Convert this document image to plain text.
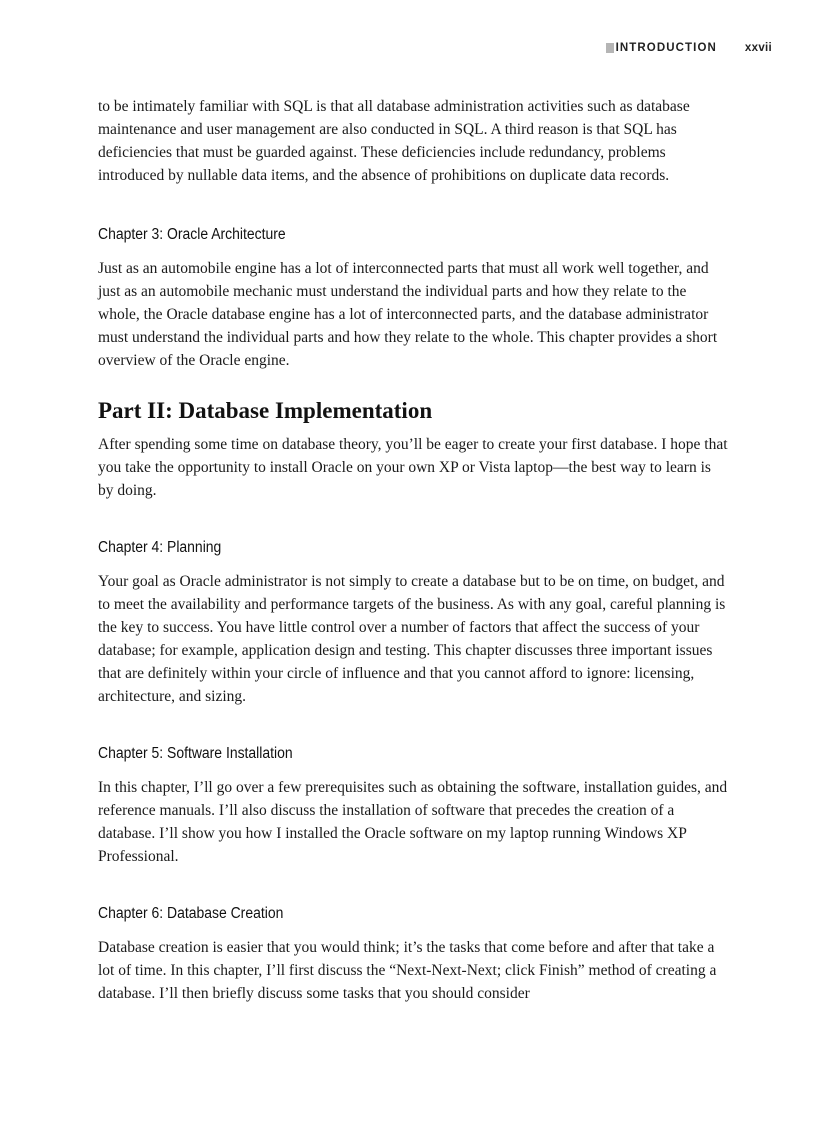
INTRODUCTION xxvii

to be intimately familiar with SQL is that all database administration activities such as database maintenance and user management are also conducted in SQL. A third reason is that SQL has deficiencies that must be guarded against. These deficiencies include redundancy, problems introduced by nullable data items, and the absence of prohibitions on duplicate data records.

Chapter 3: Oracle Architecture

Just as an automobile engine has a lot of interconnected parts that must all work well together, and just as an automobile mechanic must understand the individual parts and how they relate to the whole, the Oracle database engine has a lot of interconnected parts, and the database administrator must understand the individual parts and how they relate to the whole. This chapter provides a short overview of the Oracle engine.

Part II: Database Implementation

After spending some time on database theory, you’ll be eager to create your first database. I hope that you take the opportunity to install Oracle on your own XP or Vista laptop—the best way to learn is by doing.

Chapter 4: Planning

Your goal as Oracle administrator is not simply to create a database but to be on time, on budget, and to meet the availability and performance targets of the business. As with any goal, careful planning is the key to success. You have little control over a number of factors that affect the success of your database; for example, application design and testing. This chapter discusses three important issues that are definitely within your circle of influence and that you cannot afford to ignore: licensing, architecture, and sizing.

Chapter 5: Software Installation

In this chapter, I’ll go over a few prerequisites such as obtaining the software, installation guides, and reference manuals. I’ll also discuss the installation of software that precedes the creation of a database. I’ll show you how I installed the Oracle software on my laptop running Windows XP Professional.

Chapter 6: Database Creation

Database creation is easier that you would think; it’s the tasks that come before and after that take a lot of time. In this chapter, I’ll first discuss the “Next-Next-Next; click Finish” method of creating a database. I’ll then briefly discuss some tasks that you should consider
